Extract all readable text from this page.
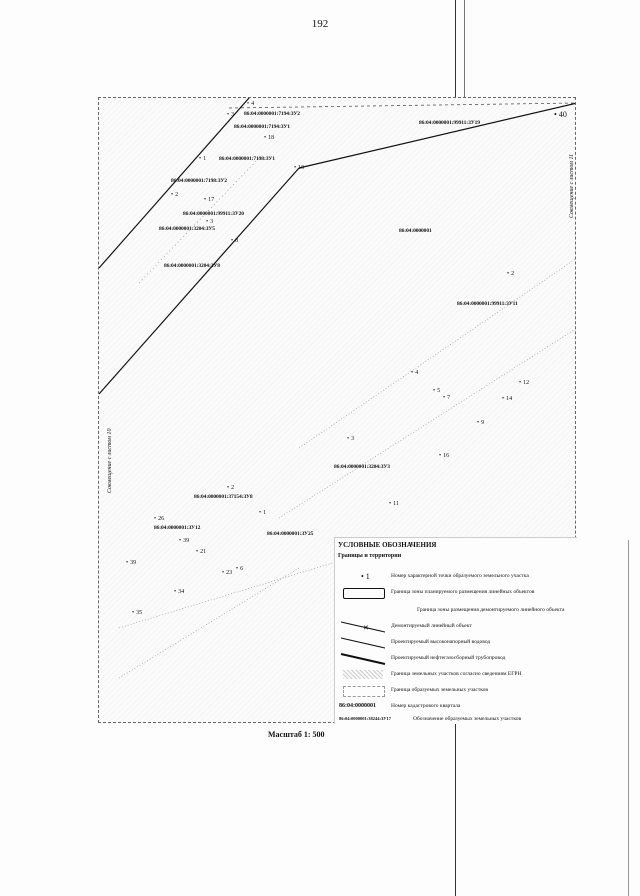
192
Совмещение с листом 10
Совмещение с листом 11
• 40
86:04:0000001:7194:ЗУ2
86:04:0000001:7194:ЗУ1
86:04:0000001:99911:ЗУ19
86:04:0000001:7198:ЗУ1
86:04:0000001:7198:ЗУ2
86:04:0000001:99911:ЗУ20
86:04:0000001:3204:ЗУ5	86:04:0000001
86:04:0000001:3204:ЗУ8
86:04:0000001:99911:ЗУ11
86:04:0000001:3204:ЗУ3
86:04:0000001:37154:ЗУ8
86:04:0000001:ЗУ12
86:04:0000001:ЗУ25
• 4
• 3
• 18
• 1
• 10
• 2
• 17
• 3
• 8
• 2
• 4
• 5
• 7
• 12
• 14
• 9
• 3
• 16
• 2
• 11
• 1
• 26
• 39
• 21
• 39
• 6
• 23
• 34
• 35
УСЛОВНЫЕ ОБОЗНАЧЕНИЯ
Границы и территории
• 1	Номер характерной точки образуемого земельного участка
Граница зоны планируемого размещения линейных объектов
Граница зоны размещения демонтируемого линейного объекта
✕	Демонтируемый линейный объект
Проектируемый высоконапорный водовод
Проектируемый нефтегазосборный трубопровод
Граница земельных участков согласно сведениям ЕГРН
Граница образуемых земельных участков
86:04:0000001	Номер кадастрового квартала
86:04:0000001:38244:ЗУ17	Обозначение образуемых земельных участков
Масштаб 1: 500
